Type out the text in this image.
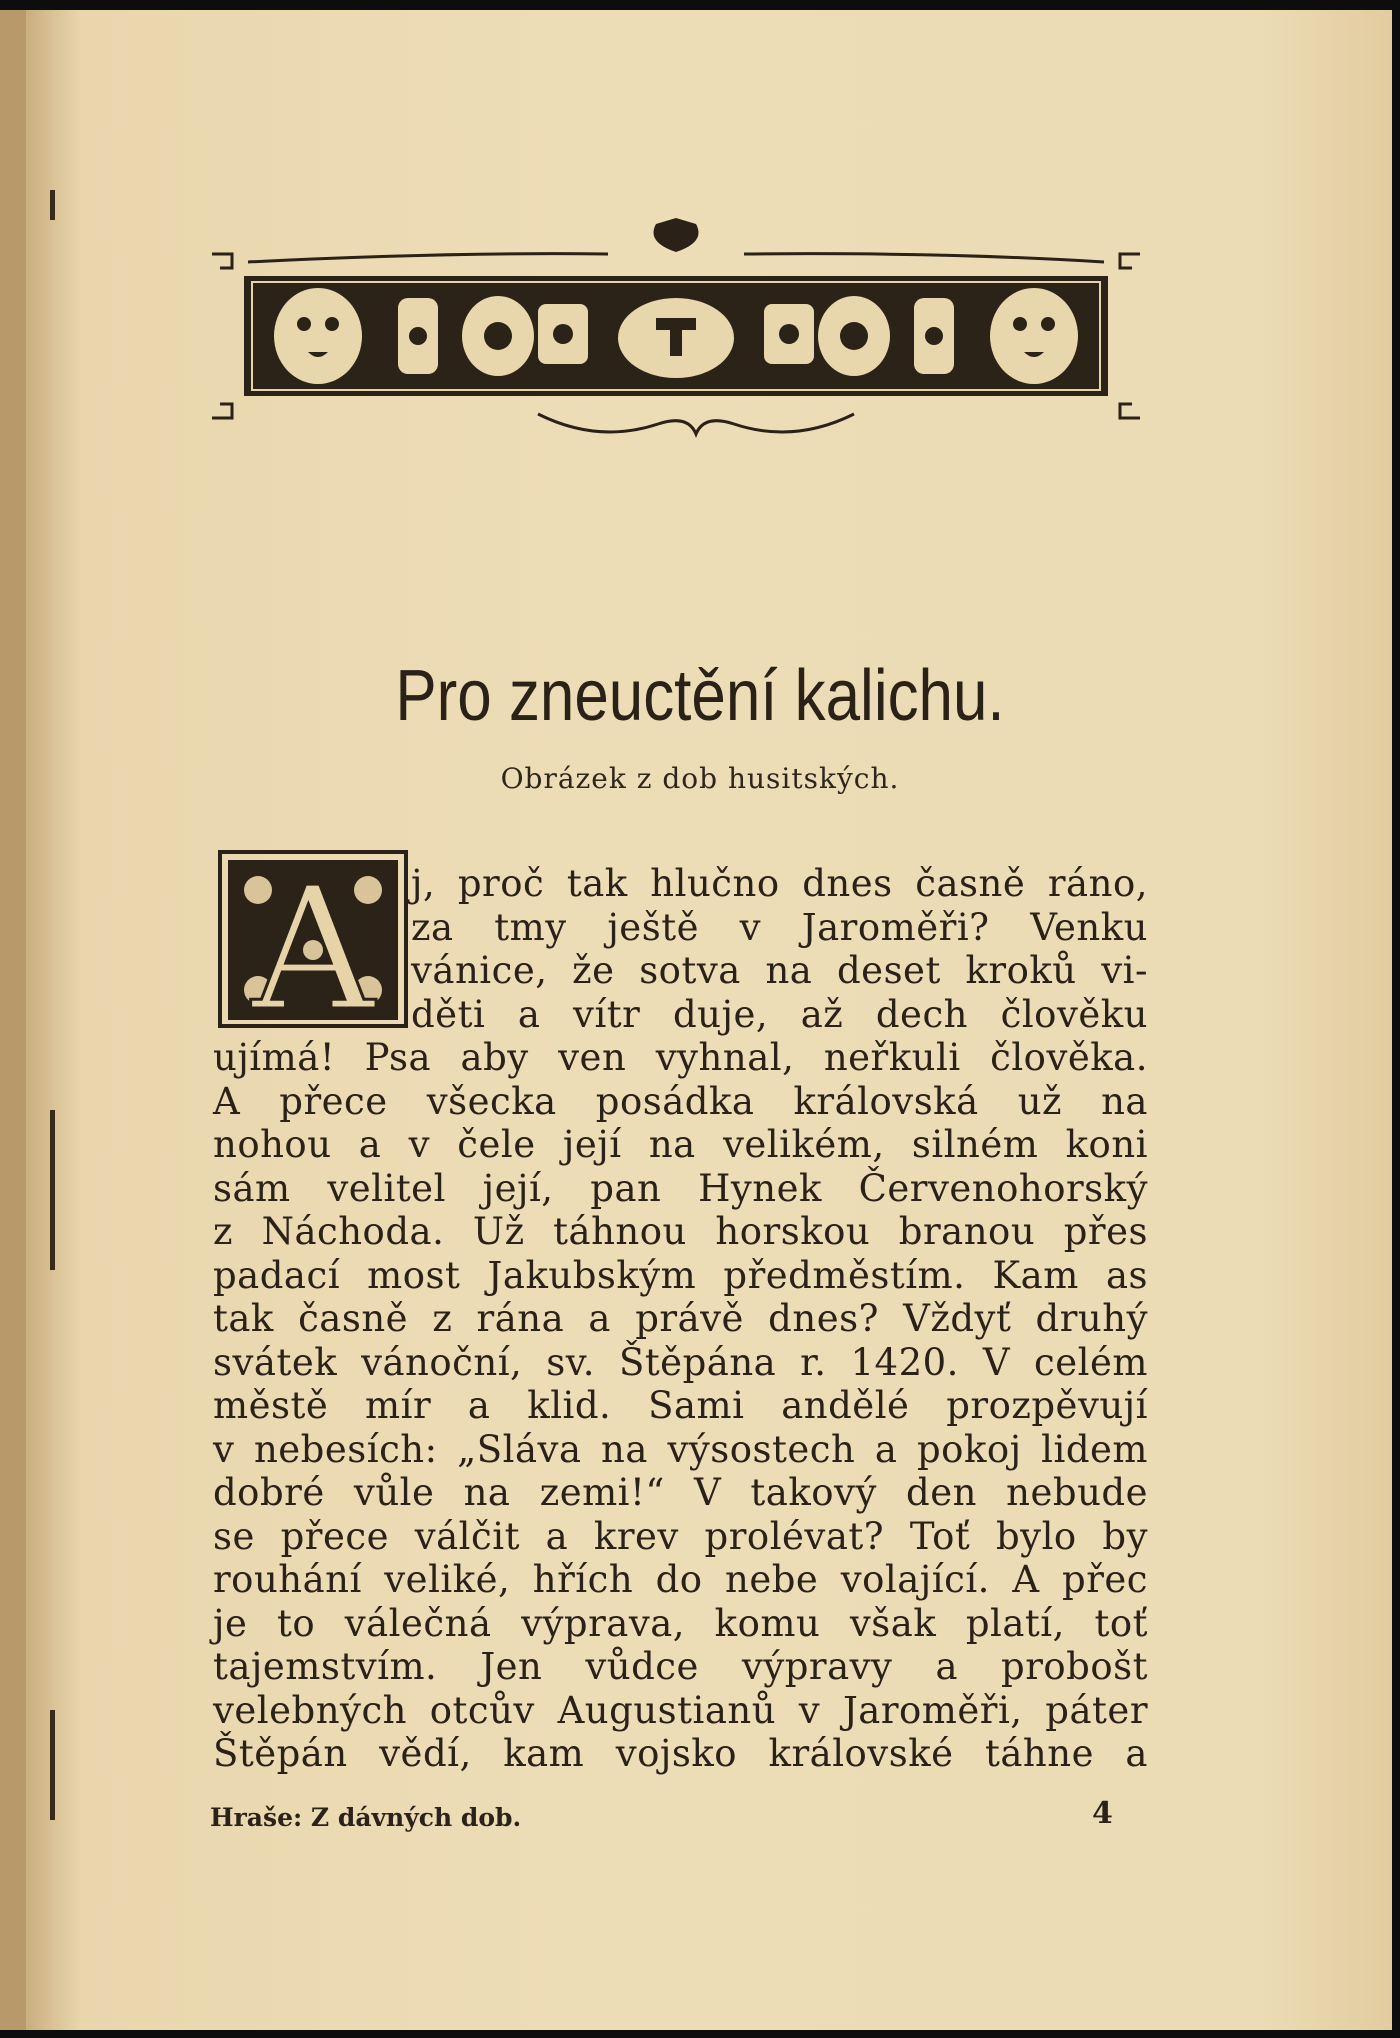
Pro zneuctění kalichu.
Obrázek z dob husitských.
A j, proč tak hlučno dnes časně ráno,
za tmy ještě v Jaroměři? Venku
vánice, že sotva na deset kroků vi-
děti a vítr duje, až dech člověku
ujímá! Psa aby ven vyhnal, neřkuli člověka.
A přece všecka posádka královská už na
nohou a v čele její na velikém, silném koni
sám velitel její, pan Hynek Červenohorský
z Náchoda. Už táhnou horskou branou přes
padací most Jakubským předměstím. Kam as
tak časně z rána a právě dnes? Vždyť druhý
svátek vánoční, sv. Štěpána r. 1420. V celém
městě mír a klid. Sami andělé prozpěvují
v nebesích: „Sláva na výsostech a pokoj lidem
dobré vůle na zemi!“ V takový den nebude
se přece válčit a krev prolévat? Toť bylo by
rouhání veliké, hřích do nebe volající. A přec
je to válečná výprava, komu však platí, toť
tajemstvím. Jen vůdce výpravy a probošt
velebných otcův Augustianů v Jaroměři, páter
Štěpán vědí, kam vojsko královské táhne a
Hraše: Z dávných dob.	4
